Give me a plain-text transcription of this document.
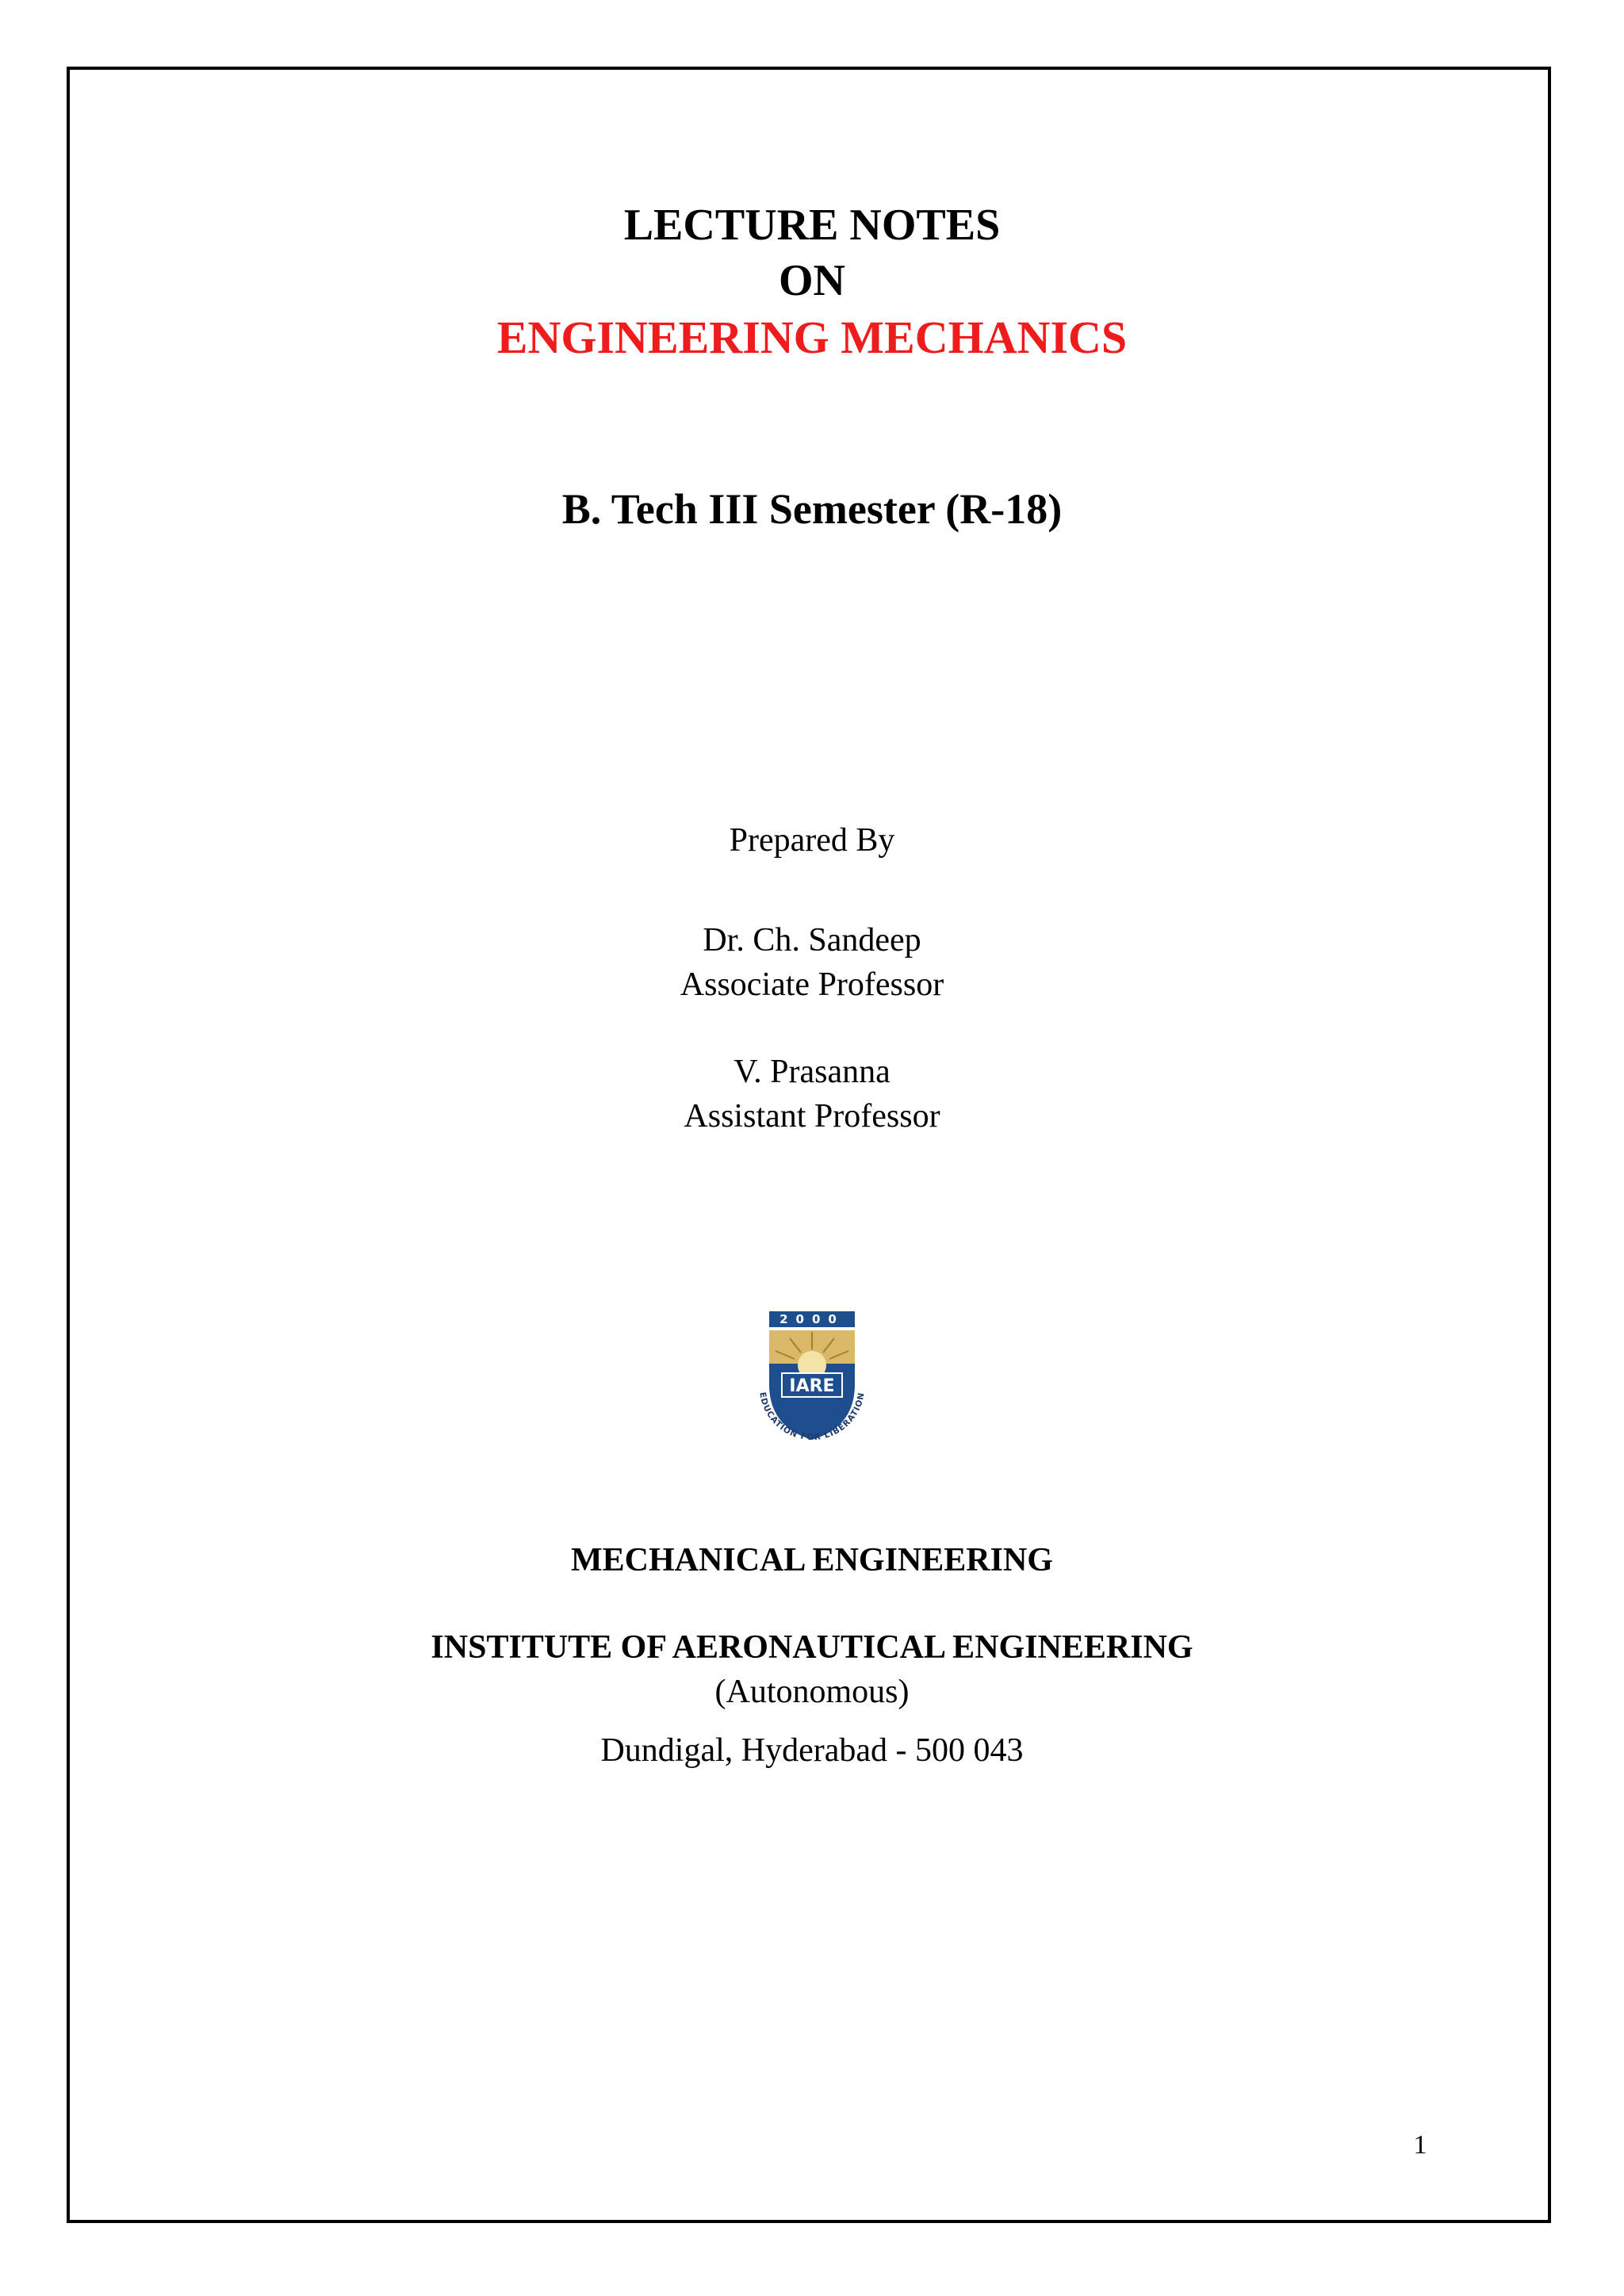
LECTURE NOTES
ON
ENGINEERING MECHANICS
B. Tech III Semester (R-18)
Prepared By
Dr. Ch. Sandeep
Associate Professor
V. Prasanna
Assistant Professor
2000
IARE
EDUCATION FOR LIBERATION
MECHANICAL ENGINEERING
INSTITUTE OF AERONAUTICAL ENGINEERING
(Autonomous)
Dundigal, Hyderabad - 500 043
1
